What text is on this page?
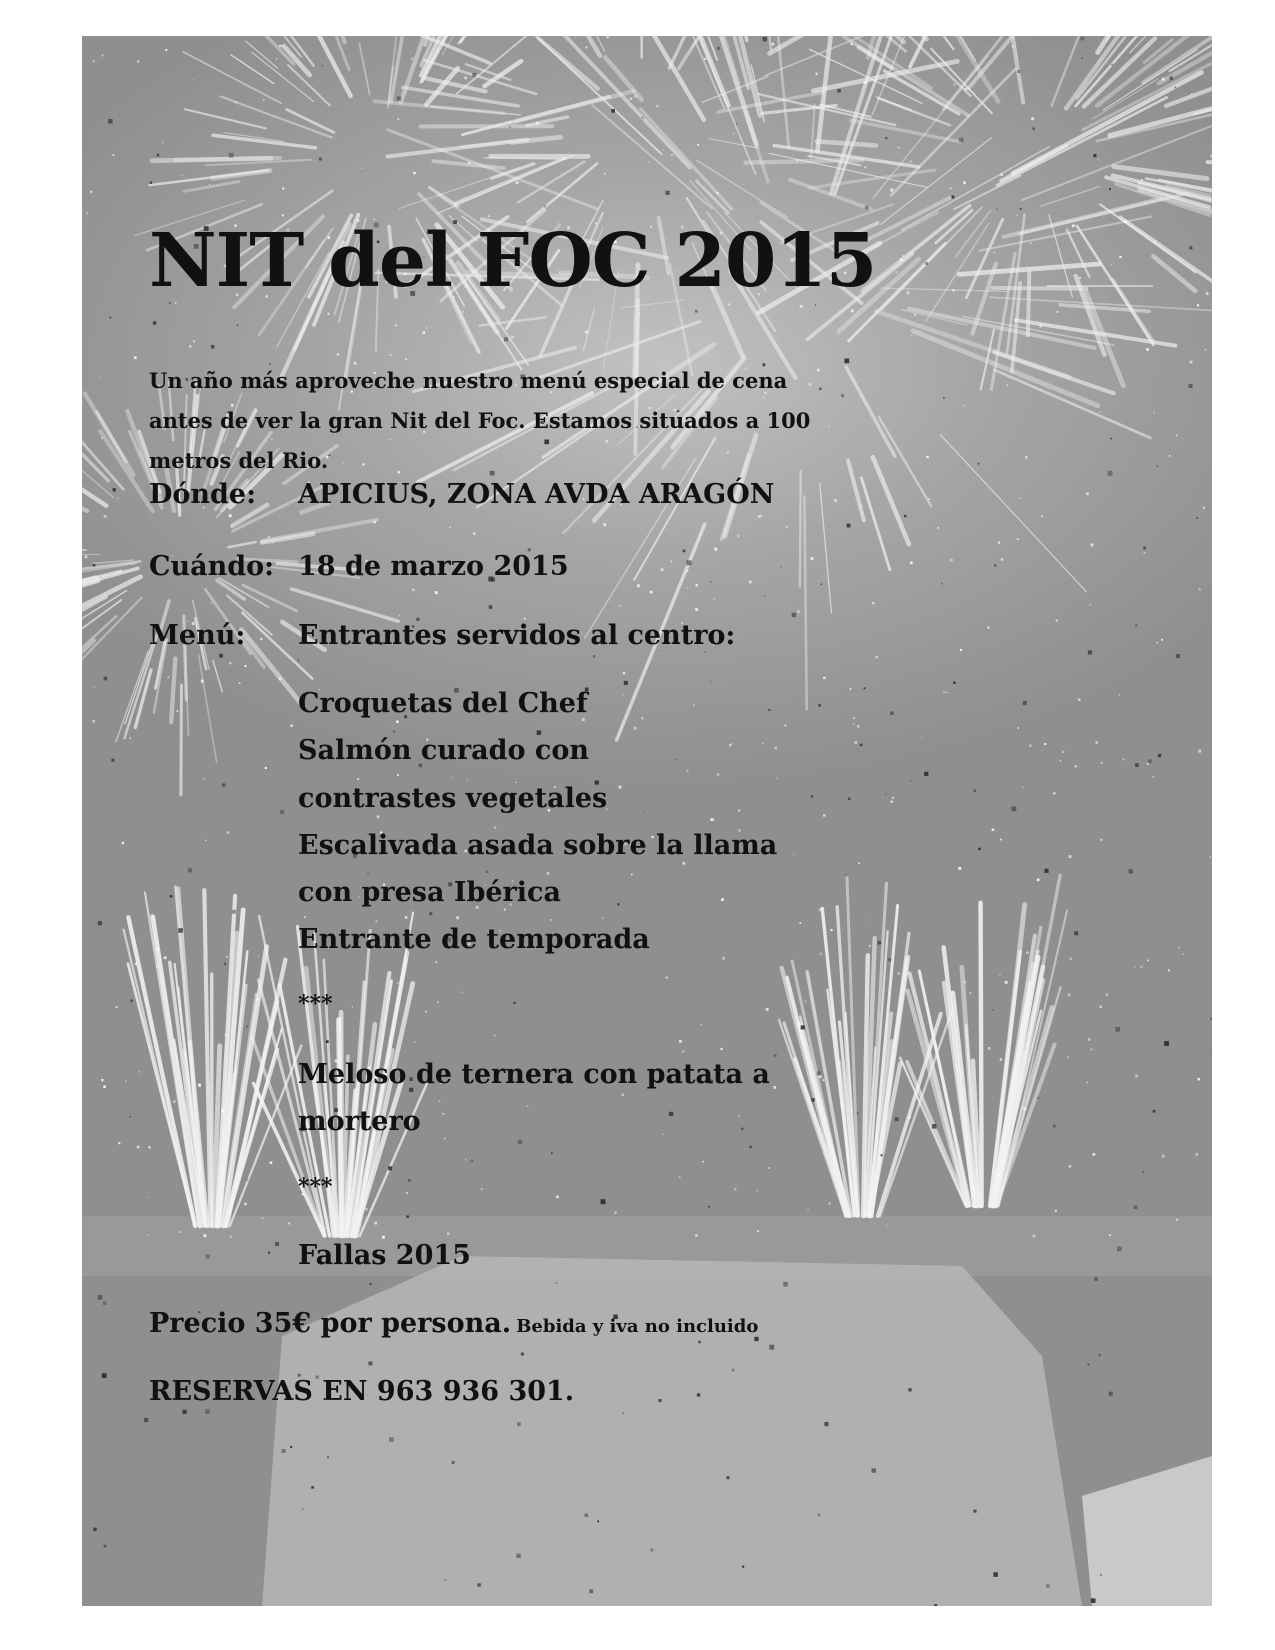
NIT del FOC 2015
Un año más aproveche nuestro menú especial de cena antes de ver la gran Nit del Foc. Estamos situados a 100 metros del Rio.
Dónde: APICIUS, ZONA AVDA ARAGÓN
Cuándo: 18 de marzo 2015
Menú: Entrantes servidos al centro:
Croquetas del Chef
Salmón curado con
contrastes vegetales
Escalivada asada sobre la llama
con presa Ibérica
Entrante de temporada
***
Meloso de ternera con patata a
mortero
***
Fallas 2015
Precio 35€ por persona. Bebida y iva no incluido
RESERVAS EN 963 936 301.
